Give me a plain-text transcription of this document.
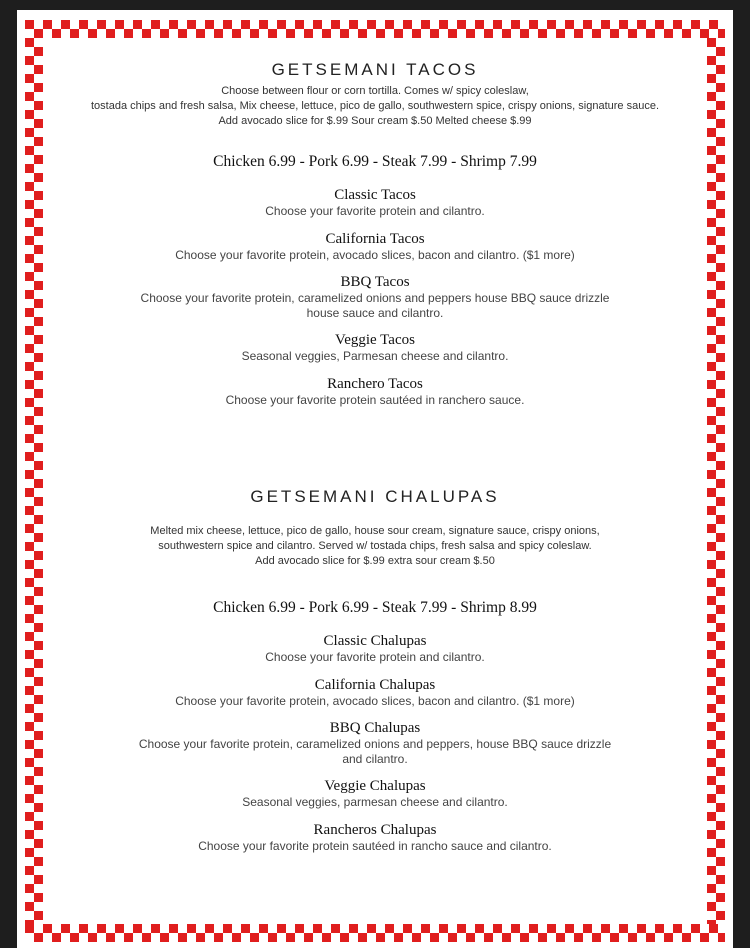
GETSEMANI TACOS

Choose between flour or corn tortilla. Comes w/ spicy coleslaw,

tostada chips and fresh salsa, Mix cheese, lettuce, pico de gallo, southwestern spice, crispy onions, signature sauce.

Add avocado slice for $.99 Sour cream $.50 Melted cheese $.99

Chicken 6.99 - Pork 6.99 - Steak 7.99 - Shrimp 7.99

Classic Tacos

Choose your favorite protein and cilantro.

California Tacos

Choose your favorite protein, avocado slices, bacon and cilantro. ($1 more)

BBQ Tacos

Choose your favorite protein, caramelized onions and peppers house BBQ sauce drizzle

house sauce and cilantro.

Veggie Tacos

Seasonal veggies, Parmesan cheese and cilantro.

Ranchero Tacos

Choose your favorite protein sautéed in ranchero sauce.

GETSEMANI CHALUPAS

Melted mix cheese, lettuce, pico de gallo, house sour cream, signature sauce, crispy onions,

southwestern spice and cilantro. Served w/ tostada chips, fresh salsa and spicy coleslaw.

Add avocado slice for $.99 extra sour cream $.50

Chicken 6.99 - Pork 6.99 - Steak 7.99 - Shrimp 8.99

Classic Chalupas

Choose your favorite protein and cilantro.

California Chalupas

Choose your favorite protein, avocado slices, bacon and cilantro. ($1 more)

BBQ Chalupas

Choose your favorite protein, caramelized onions and peppers, house BBQ sauce drizzle

and cilantro.

Veggie Chalupas

Seasonal veggies, parmesan cheese and cilantro.

Rancheros Chalupas

Choose your favorite protein sautéed in rancho sauce and cilantro.
